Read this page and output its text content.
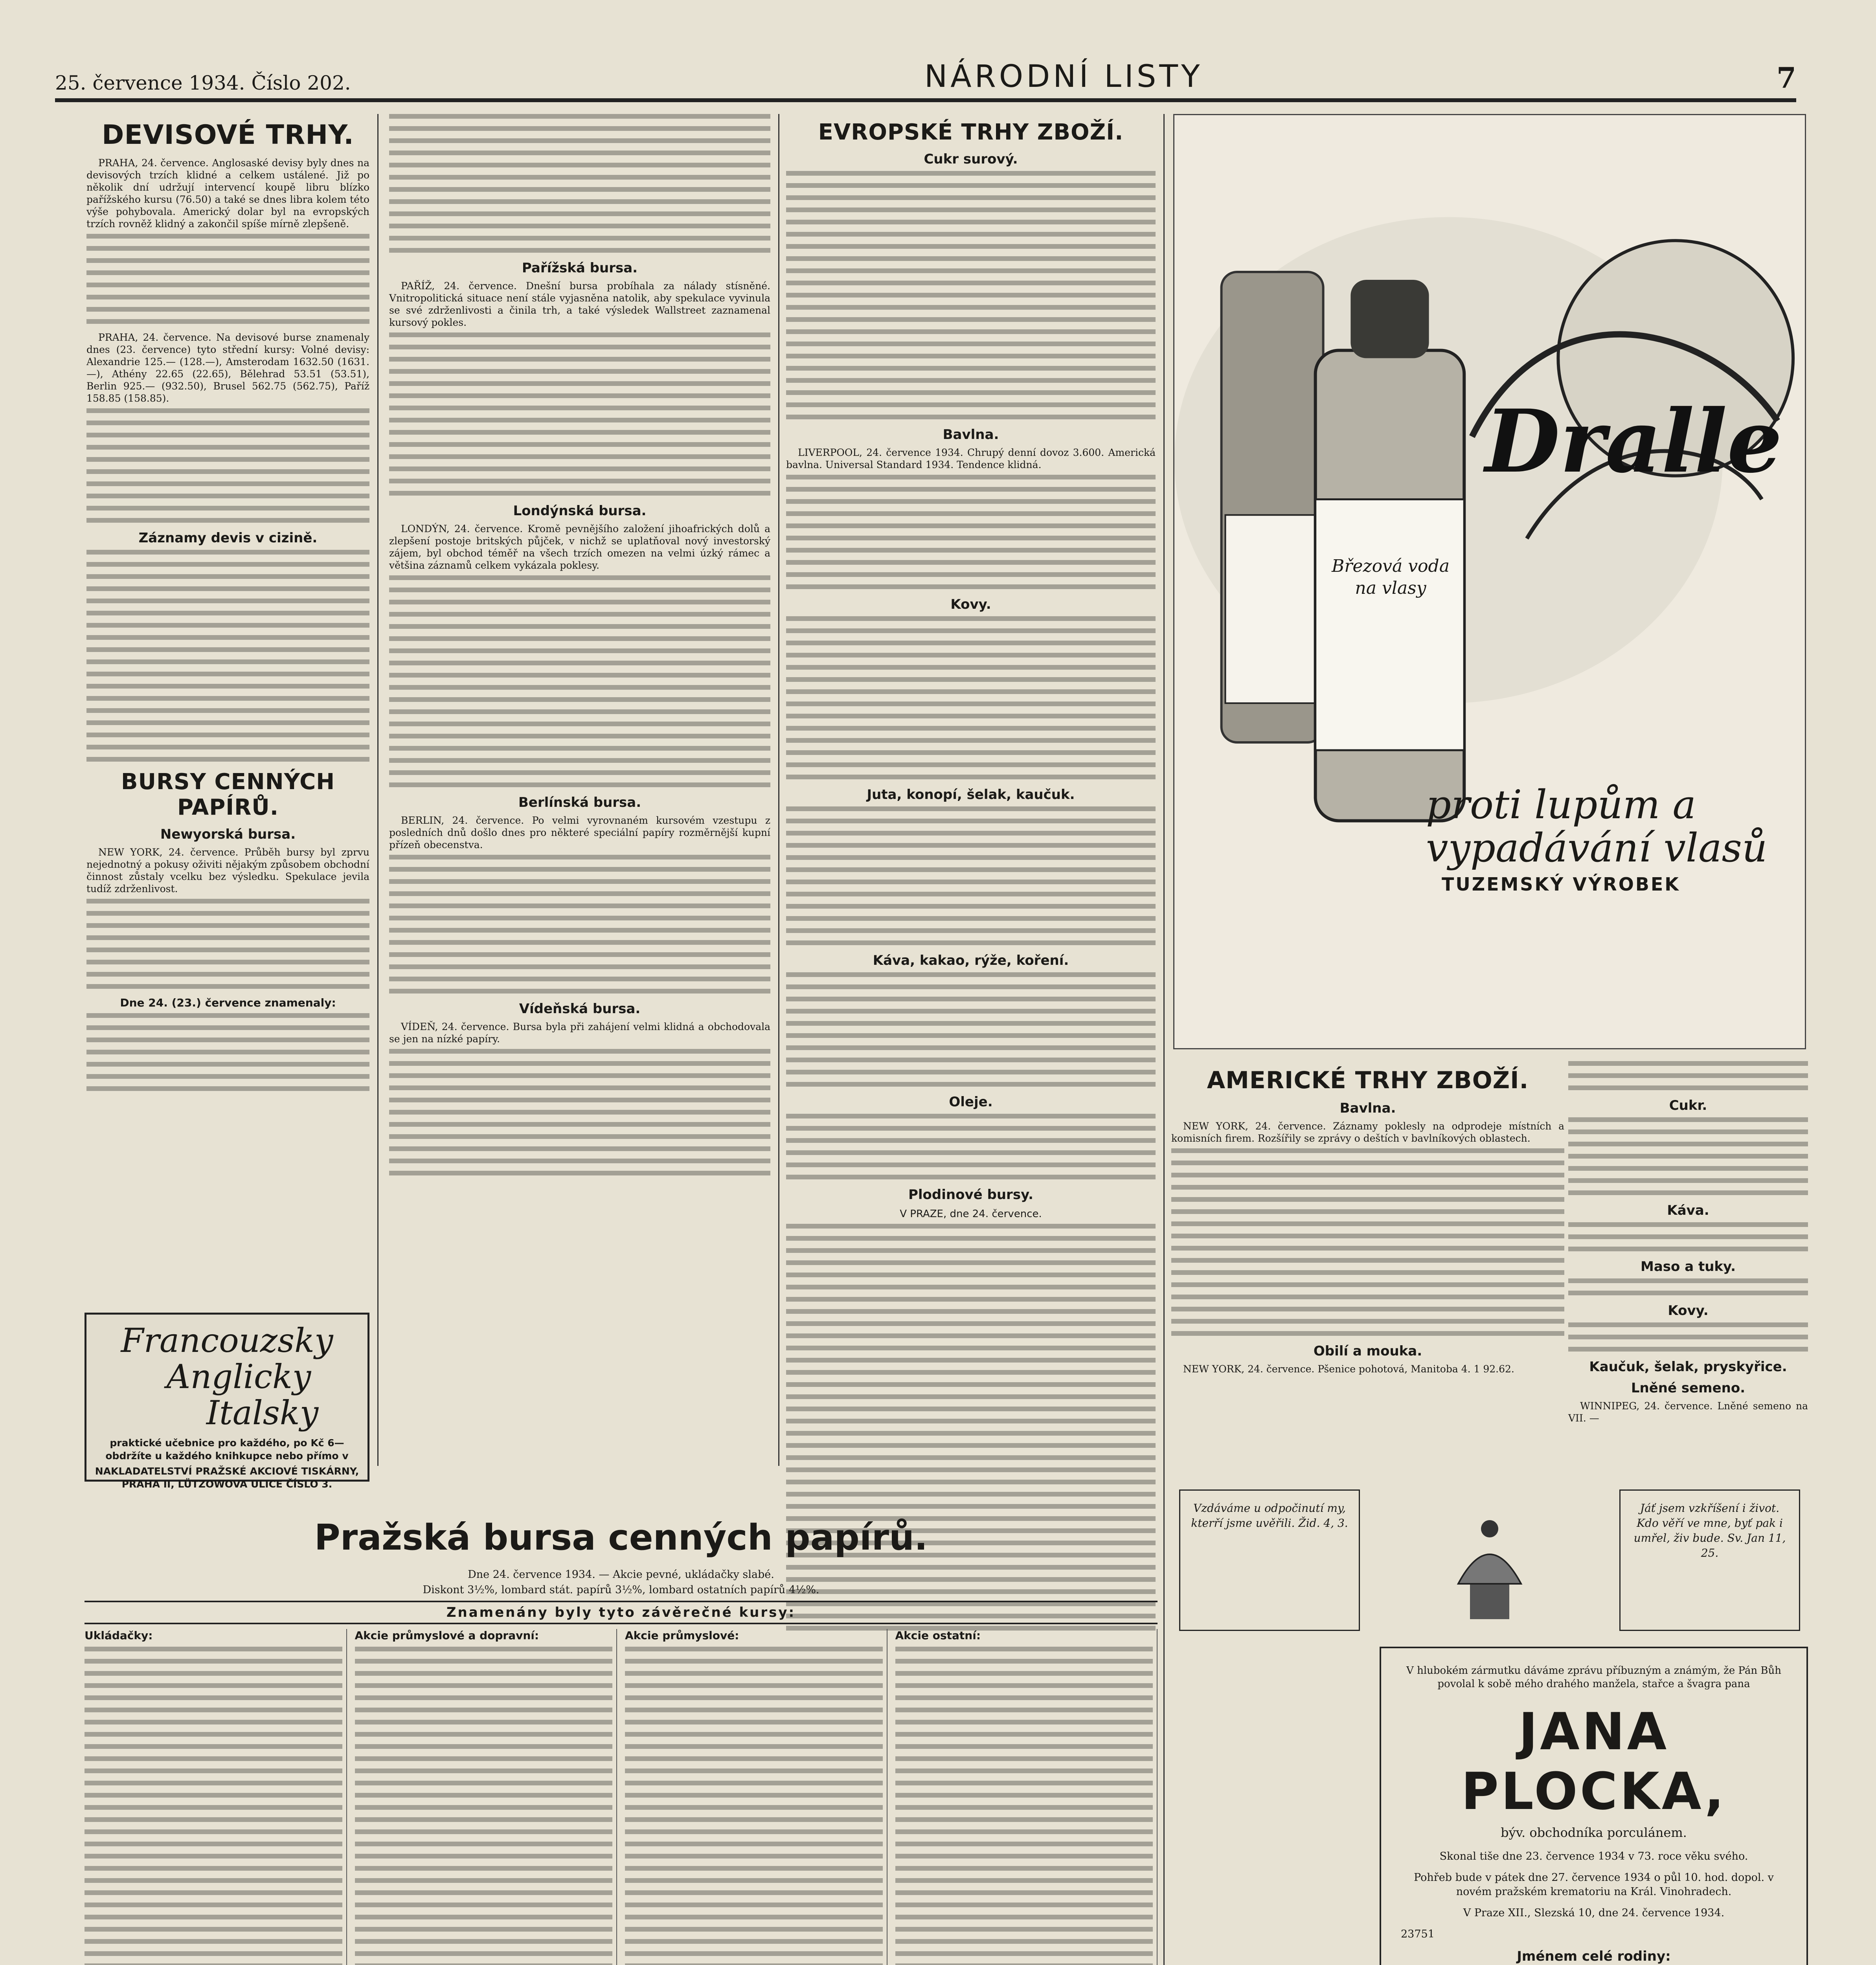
25. července 1934. Číslo 202.	NÁRODNÍ LISTY	7
DEVISOVÉ TRHY.

PRAHA, 24. července. Anglosaské devisy byly dnes na devisových trzích klidné a celkem ustálené. Již po několik dní udržují intervencí koupě libru blízko pařížského kursu (76.50) a také se dnes libra kolem této výše pohybovala. Americký dolar byl na evropských trzích rovněž klidný a zakončil spíše mírně zlepšeně.

PRAHA, 24. července. Na devisové burse znamenaly dnes (23. července) tyto střední kursy: Volné devisy: Alexandrie 125.— (128.—), Amsterodam 1632.50 (1631.—), Athény 22.65 (22.65), Bělehrad 53.51 (53.51), Berlin 925.— (932.50), Brusel 562.75 (562.75), Paříž 158.85 (158.85).

Záznamy devis v cizině.
BURSY CENNÝCH PAPÍRŮ.
Newyorská bursa.

NEW YORK, 24. července. Průběh bursy byl zprvu nejednotný a pokusy oživiti nějakým způsobem obchodní činnost zůstaly vcelku bez výsledku. Spekulace jevila tudíž zdrženlivost.

Dne 24. (23.) července znamenaly:
Francouzsky
Anglicky
Italsky
praktické učebnice pro každého, po Kč 6—
obdržíte u každého knihkupce nebo přímo v
NAKLADATELSTVÍ PRAŽSKÉ AKCIOVÉ TISKÁRNY, PRAHA II, LÜTZOWOVA ULICE ČÍSLO 3.
Pařížská bursa.

PAŘÍŽ, 24. července. Dnešní bursa probíhala za nálady stísněné. Vnitropolitická situace není stále vyjasněna natolik, aby spekulace vyvinula se své zdrženlivosti a činila trh, a také výsledek Wallstreet zaznamenal kursový pokles.

Londýnská bursa.

LONDÝN, 24. července. Kromě pevnějšího založení jihoafrických dolů a zlepšení postoje britských půjček, v nichž se uplatňoval nový investorský zájem, byl obchod téměř na všech trzích omezen na velmi úzký rámec a většina záznamů celkem vykázala poklesy.

Berlínská bursa.

BERLIN, 24. července. Po velmi vyrovnaném kursovém vzestupu z posledních dnů došlo dnes pro některé speciální papíry rozměrnější kupní přízeň obecenstva.

Vídeňská bursa.

VÍDEŇ, 24. července. Bursa byla při zahájení velmi klidná a obchodovala se jen na nízké papíry.

EVROPSKÉ TRHY ZBOŽÍ.
Cukr surový.
Bavlna.

LIVERPOOL, 24. července 1934. Chrupý denní dovoz 3.600. Americká bavlna. Universal Standard 1934. Tendence klidná.

Kovy.
Juta, konopí, šelak, kaučuk.
Káva, kakao, rýže, koření.
Oleje.
Plodinové bursy.
V PRAZE, dne 24. července.
Dralle
Březová voda na vlasy
proti lupům a vypadávání vlasů
TUZEMSKÝ VÝROBEK
AMERICKÉ TRHY ZBOŽÍ.
Bavlna.

NEW YORK, 24. července. Záznamy poklesly na odprodeje místních a komisních firem. Rozšířily se zprávy o deštích v bavlníkových oblastech.

Obilí a mouka.

NEW YORK, 24. července. Pšenice pohotová, Manitoba 4. 1 92.62.

Cukr.
Káva.
Maso a tuky.
Kovy.
Kaučuk, šelak, pryskyřice.
Lněné semeno.

WINNIPEG, 24. července. Lněné semeno na VII. —

Pražská bursa cenných papírů.
Dne 24. července 1934. — Akcie pevné, ukládačky slabé.
Diskont 3½%, lombard stát. papírů 3½%, lombard ostatních papírů 4½%.
Znamenány byly tyto závěrečné kursy:
Ukládačky:	Akcie průmyslové a dopravní:	Akcie průmyslové:	Akcie ostatní:
Vzdáváme u odpočinutí my, kterří jsme uvěřili. Žid. 4, 3.
Jáť jsem vzkříšení i život. Kdo věří ve mne, byť pak i umřel, živ bude. Sv. Jan 11, 25.
V hlubokém zármutku dáváme zprávu příbuzným a známým, že Pán Bůh povolal k sobě mého drahého manžela, stařce a švagra pana
JANA PLOCKA,
býv. obchodníka porculánem.
Skonal tiše dne 23. července 1934 v 73. roce věku svého.
Pohřeb bude v pátek dne 27. července 1934 o půl 10. hod. dopol. v novém pražském krematoriu na Král. Vinohradech.
V Praze XII., Slezská 10, dne 24. července 1934.
23751
Jménem celé rodiny:
